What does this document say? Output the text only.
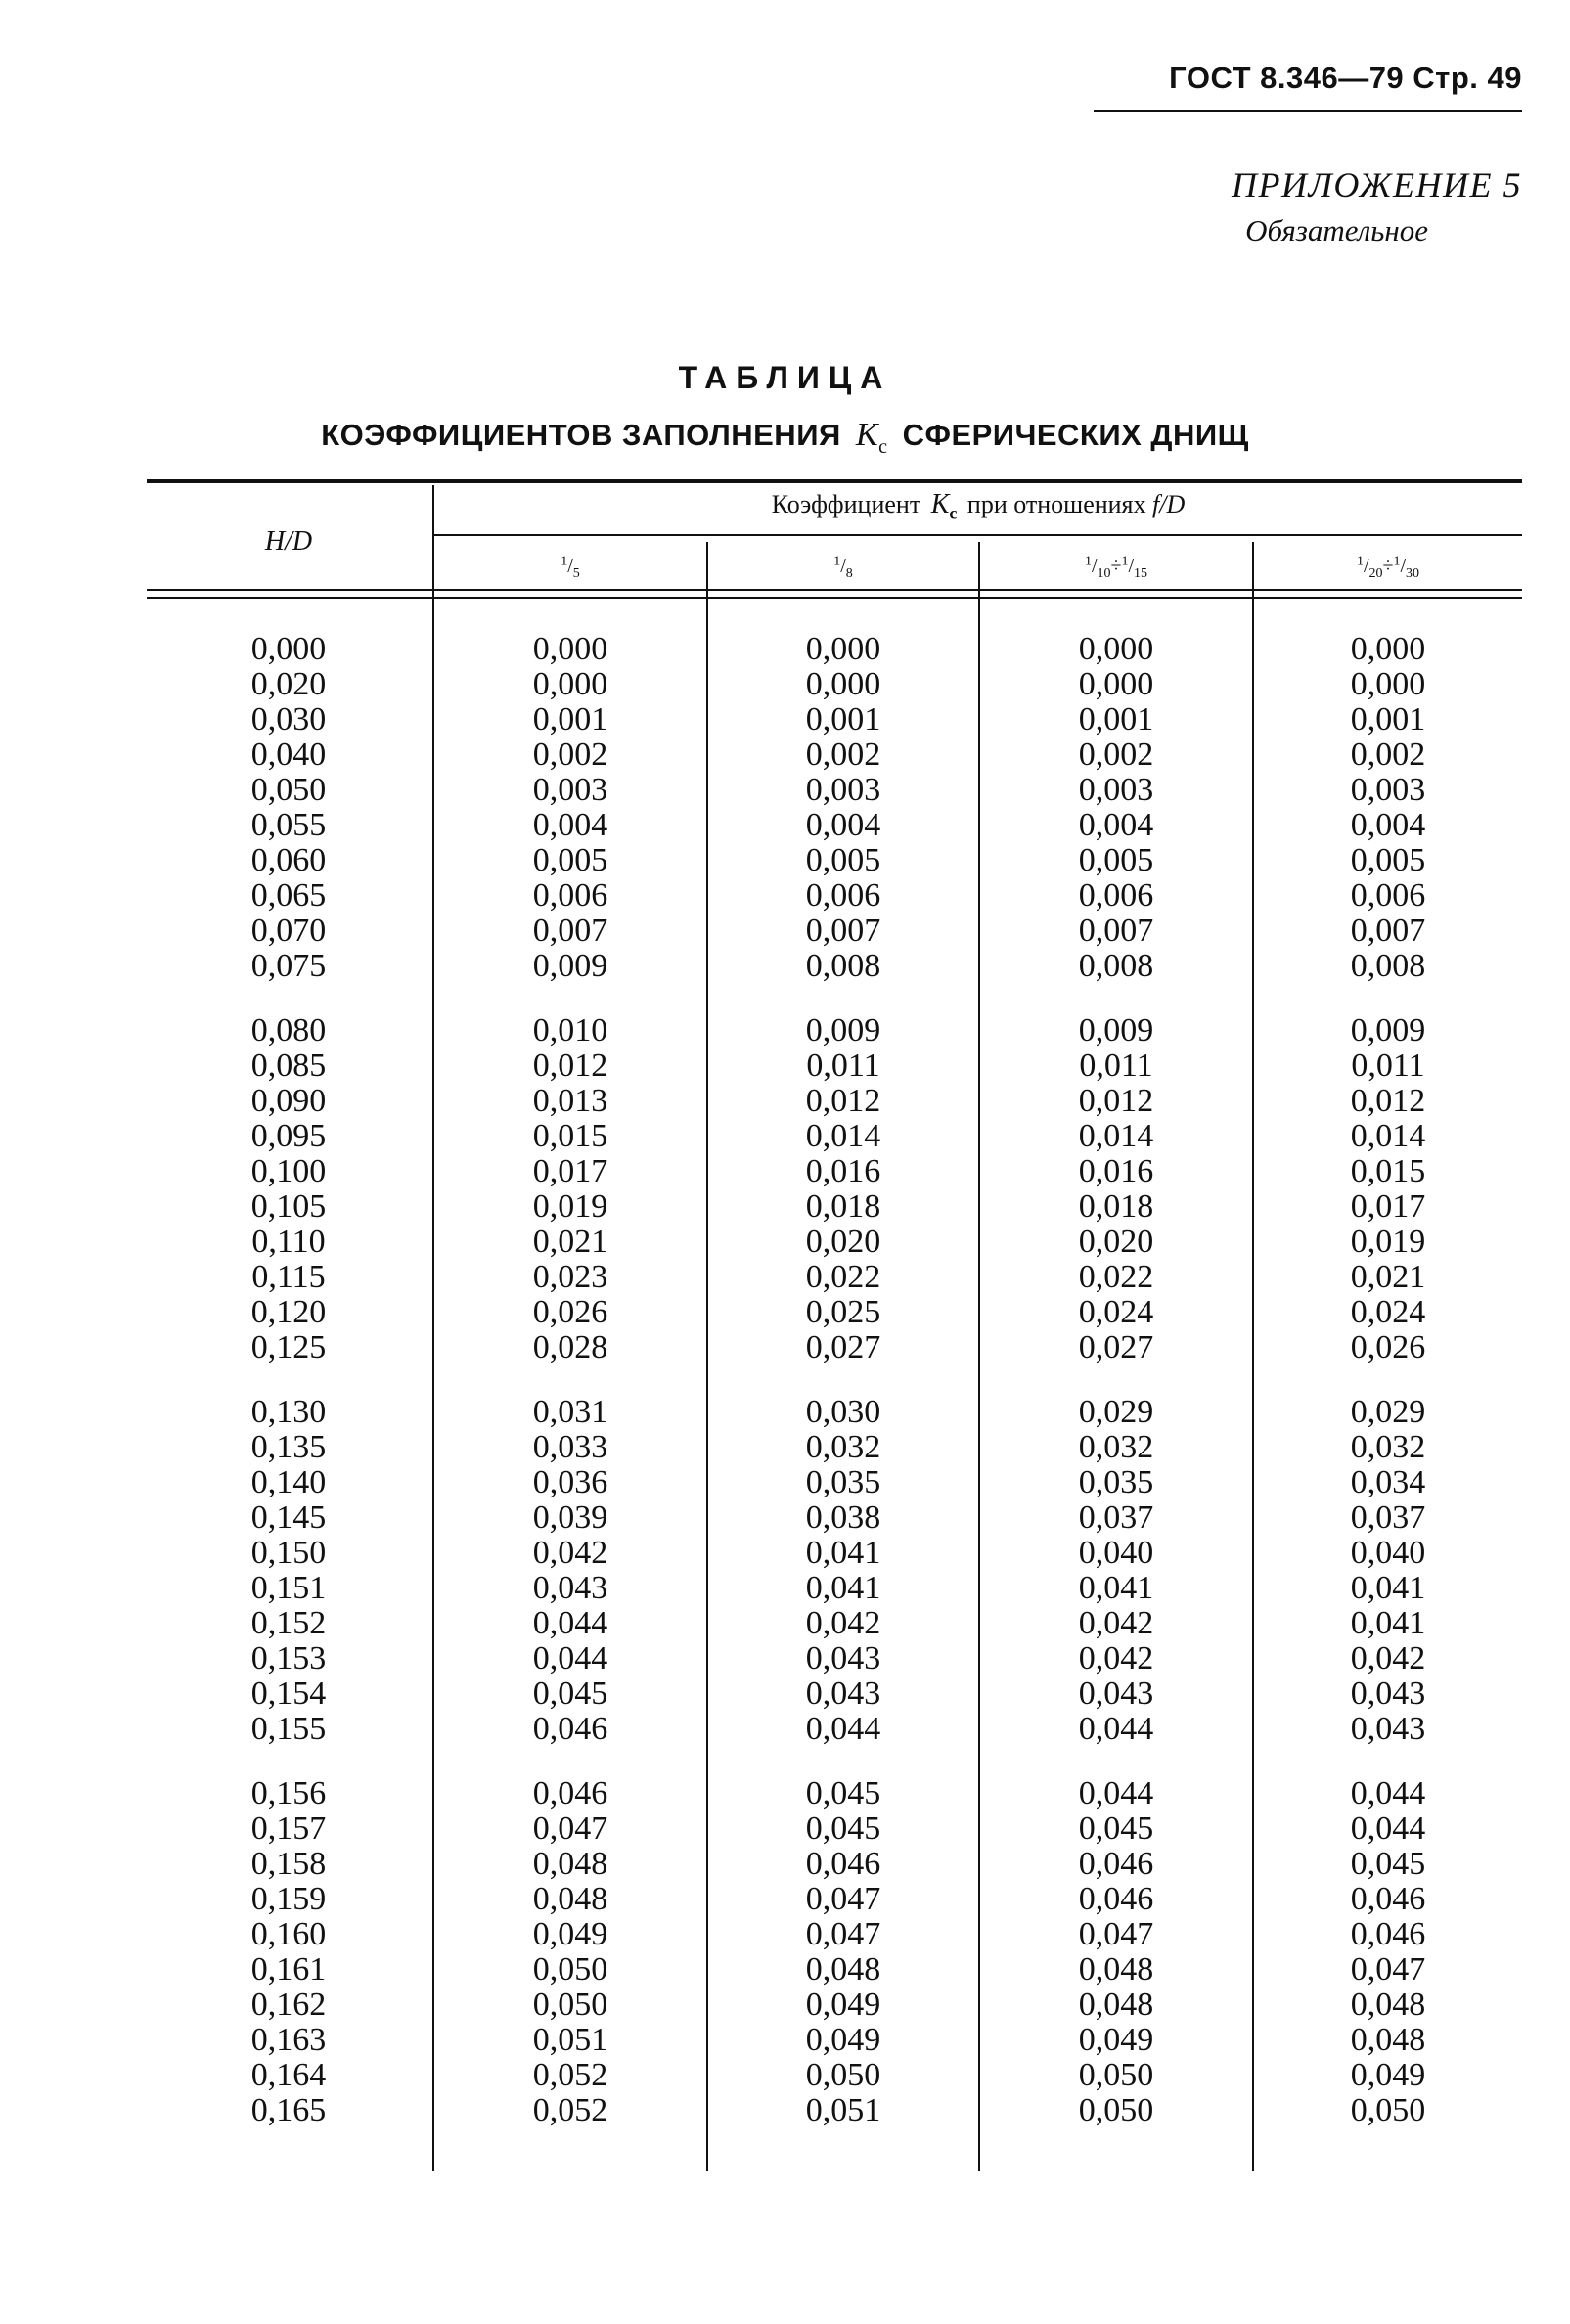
ГОСТ 8.346—79 Стр. 49
ПРИЛОЖЕНИЕ 5
Обязательное
ТАБЛИЦА
КОЭФФИЦИЕНТОВ ЗАПОЛНЕНИЯ $K_с$ СФЕРИЧЕСКИХ ДНИЩ
H/D
Коэффициент $K_c$ при отношениях f/D
$^1/_5$
$^1/_8$
$^1/_{10}\div^1/_{15}$
$^1/_{20}\div^1/_{30}$
0,000
0,020
0,030
0,040
0,050
0,055
0,060
0,065
0,070
0,075
0,080
0,085
0,090
0,095
0,100
0,105
0,110
0,115
0,120
0,125
0,130
0,135
0,140
0,145
0,150
0,151
0,152
0,153
0,154
0,155
0,156
0,157
0,158
0,159
0,160
0,161
0,162
0,163
0,164
0,165
0,000
0,000
0,001
0,002
0,003
0,004
0,005
0,006
0,007
0,009
0,010
0,012
0,013
0,015
0,017
0,019
0,021
0,023
0,026
0,028
0,031
0,033
0,036
0,039
0,042
0,043
0,044
0,044
0,045
0,046
0,046
0,047
0,048
0,048
0,049
0,050
0,050
0,051
0,052
0,052
0,000
0,000
0,001
0,002
0,003
0,004
0,005
0,006
0,007
0,008
0,009
0,011
0,012
0,014
0,016
0,018
0,020
0,022
0,025
0,027
0,030
0,032
0,035
0,038
0,041
0,041
0,042
0,043
0,043
0,044
0,045
0,045
0,046
0,047
0,047
0,048
0,049
0,049
0,050
0,051
0,000
0,000
0,001
0,002
0,003
0,004
0,005
0,006
0,007
0,008
0,009
0,011
0,012
0,014
0,016
0,018
0,020
0,022
0,024
0,027
0,029
0,032
0,035
0,037
0,040
0,041
0,042
0,042
0,043
0,044
0,044
0,045
0,046
0,046
0,047
0,048
0,048
0,049
0,050
0,050
0,000
0,000
0,001
0,002
0,003
0,004
0,005
0,006
0,007
0,008
0,009
0,011
0,012
0,014
0,015
0,017
0,019
0,021
0,024
0,026
0,029
0,032
0,034
0,037
0,040
0,041
0,041
0,042
0,043
0,043
0,044
0,044
0,045
0,046
0,046
0,047
0,048
0,048
0,049
0,050
